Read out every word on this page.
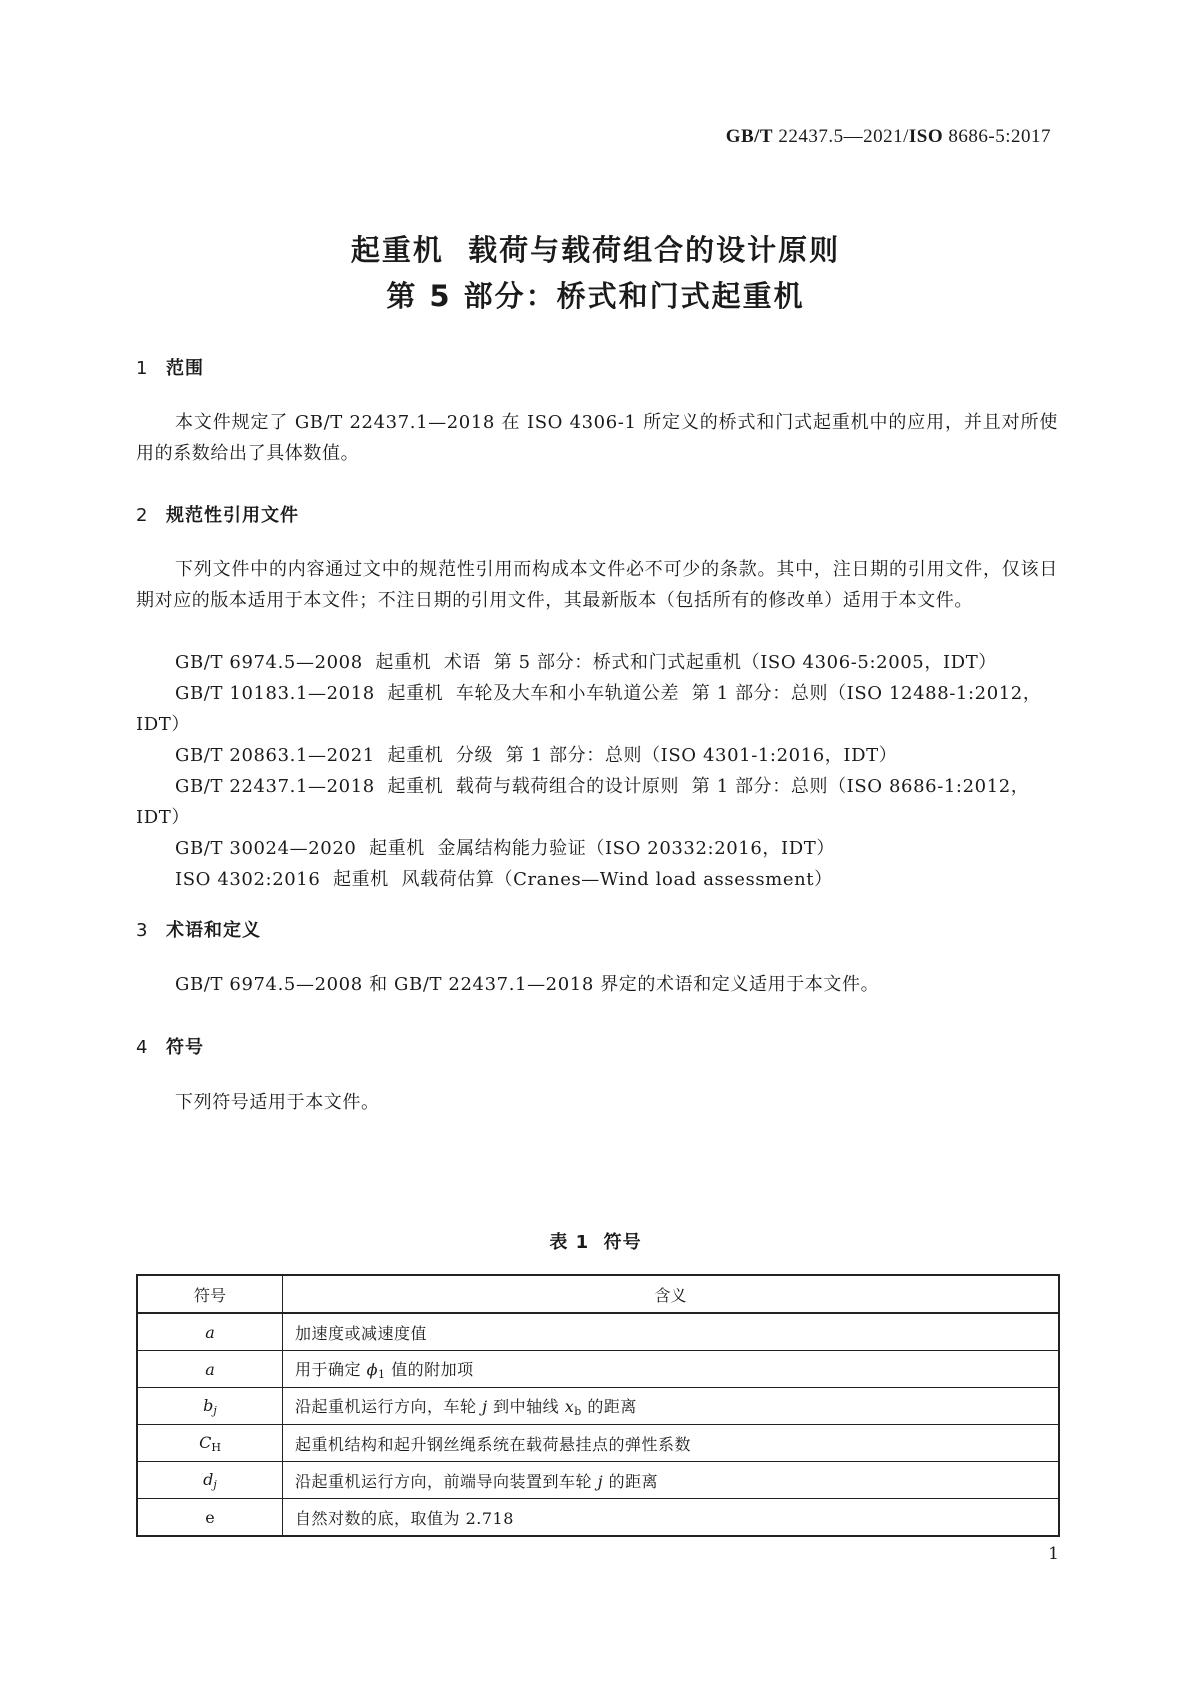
GB/T 22437.5—2021/ISO 8686-5:2017
起重机  载荷与载荷组合的设计原则
第 5 部分：桥式和门式起重机
1 范围
本文件规定了 GB/T 22437.1—2018 在 ISO 4306-1 所定义的桥式和门式起重机中的应用，并且对所使用的系数给出了具体数值。
2 规范性引用文件
下列文件中的内容通过文中的规范性引用而构成本文件必不可少的条款。其中，注日期的引用文件，仅该日期对应的版本适用于本文件；不注日期的引用文件，其最新版本（包括所有的修改单）适用于本文件。
GB/T 6974.5—2008  起重机  术语  第 5 部分：桥式和门式起重机（ISO 4306-5:2005，IDT）
GB/T 10183.1—2018  起重机  车轮及大车和小车轨道公差  第 1 部分：总则（ISO 12488-1:2012，IDT）
GB/T 20863.1—2021  起重机  分级  第 1 部分：总则（ISO 4301-1:2016，IDT）
GB/T 22437.1—2018  起重机  载荷与载荷组合的设计原则  第 1 部分：总则（ISO 8686-1:2012，IDT）
GB/T 30024—2020  起重机  金属结构能力验证（ISO 20332:2016，IDT）
ISO 4302:2016  起重机  风载荷估算（Cranes—Wind load assessment）
3 术语和定义
GB/T 6974.5—2008 和 GB/T 22437.1—2018 界定的术语和定义适用于本文件。
4 符号
下列符号适用于本文件。
表 1  符号
符号	含义
a	加速度或减速度值
a	用于确定 $\phi_1$ 值的附加项
$b_j$	沿起重机运行方向，车轮 j 到中轴线 $x_b$ 的距离
$C_H$	起重机结构和起升钢丝绳系统在载荷悬挂点的弹性系数
$d_j$	沿起重机运行方向，前端导向装置到车轮 j 的距离
e	自然对数的底，取值为 2.718
1
